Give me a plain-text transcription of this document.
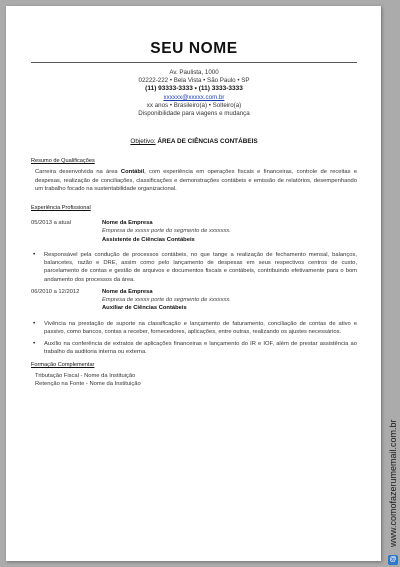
SEU NOME
Av. Paulista, 1000
02222-222 • Bela Vista • São Paulo • SP
(11) 93333-3333 • (11) 3333-3333
xxxxxx@xxxxx.com.br
xx anos • Brasileiro(a) • Solteiro(a)
Disponibilidade para viagens e mudança
Objetivo: ÁREA DE CIÊNCIAS CONTÁBEIS
Resumo de Qualificações
Carreira desenvolvida na área Contábil, com experiência em operações fiscais e financeiras, controle de receitas e despesas, realização de conciliações, classificações e demonstrações contábeis e emissão de relatórios, desempenhando um trabalho focado na sustentabilidade organizacional.
Experiência Profissional
05/2013 a atual	Nome da Empresa
Empresa de xxxxx porte do segmento de xxxxxxx.
Assistente de Ciências Contábeis
• Responsável pela condução de processos contábeis, no que tange a realização de fechamento mensal, balanços, balancetes, razão e DRE, assim como pelo lançamento de despesas em seus respectivos centros de custo, parcelamento de contas e gestão de arquivos e documentos fiscais e contábeis, contribuindo efetivamente para o bom andamento dos processos da área.
06/2010 a 12/2012	Nome da Empresa
Empresa de xxxxx porte do segmento de xxxxxxx.
Auxiliar de Ciências Contábeis
• Vivência na prestação de suporte na classificação e lançamento de faturamento, conciliação de contas de ativo e passivo, como bancos, contas a receber, fornecedores, aplicações, entre outras, realizando os ajustes necessários.
• Auxílio na conferência de extratos de aplicações financeiras e lançamento do IR e IOF, além de prestar assistência ao trabalho da auditoria interna ou externa.
Formação Complementar
Tributação Fiscal - Nome da Instituição
Retenção na Fonte - Nome da Instituição
www.comofazerumemail.com.br
@
